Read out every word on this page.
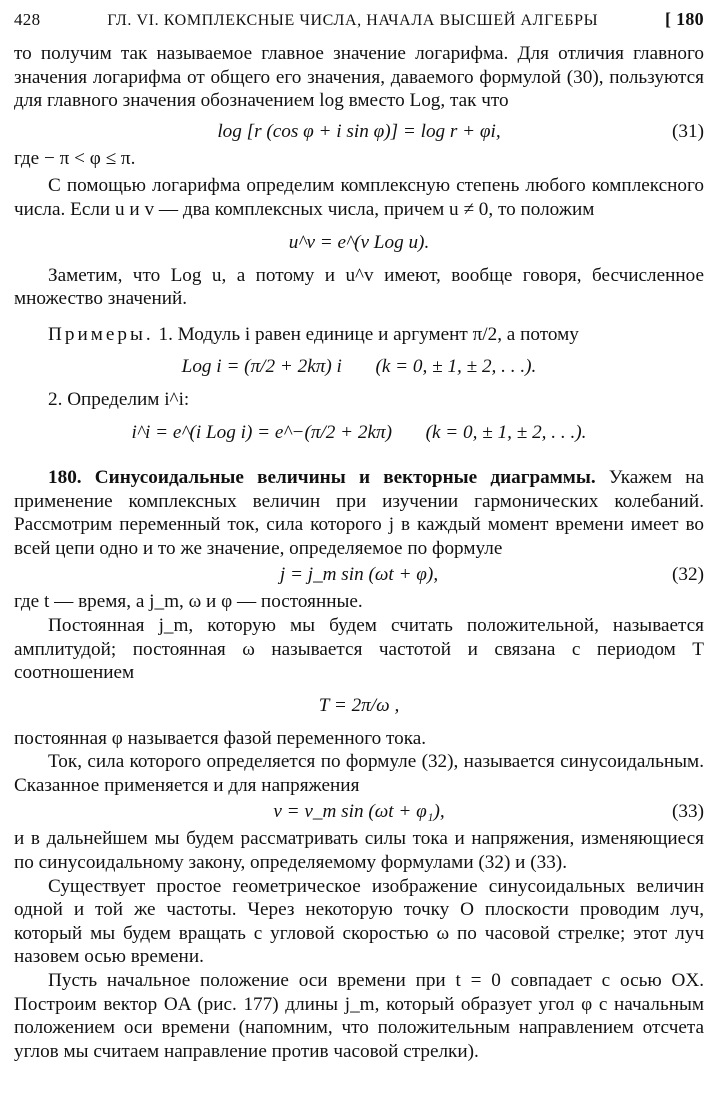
428	ГЛ. VI. КОМПЛЕКСНЫЕ ЧИСЛА, НАЧАЛА ВЫСШЕЙ АЛГЕБРЫ	[ 180

то получим так называемое главное значение логарифма. Для отличия главного значения логарифма от общего его значения, даваемого формулой (30), пользуются для главного значения обозначением log вместо Log, так что

log [r (cos φ + i sin φ)] = log r + φi,	(31)

где − π < φ ≤ π.

С помощью логарифма определим комплексную степень любого комплексного числа. Если u и v — два комплексных числа, причем u ≠ 0, то положим

u^v = e^(v Log u).

Заметим, что Log u, а потому и u^v имеют, вообще говоря, бесчисленное множество значений.

Примеры. 1. Модуль i равен единице и аргумент π/2, а потому

Log i = (π/2 + 2kπ) i (k = 0, ± 1, ± 2, . . .).

2. Определим i^i:

i^i = e^(i Log i) = e^−(π/2 + 2kπ) (k = 0, ± 1, ± 2, . . .).

180. Синусоидальные величины и векторные диаграммы. Укажем на применение комплексных величин при изучении гармонических колебаний. Рассмотрим переменный ток, сила которого j в каждый момент времени имеет во всей цепи одно и то же значение, определяемое по формуле

j = j_m sin (ωt + φ),	(32)

где t — время, а j_m, ω и φ — постоянные.

Постоянная j_m, которую мы будем считать положительной, называется амплитудой; постоянная ω называется частотой и связана с периодом T соотношением

T = 2π/ω ,

постоянная φ называется фазой переменного тока.

Ток, сила которого определяется по формуле (32), называется синусоидальным. Сказанное применяется и для напряжения

v = v_m sin (ωt + φ₁),	(33)

и в дальнейшем мы будем рассматривать силы тока и напряжения, изменяющиеся по синусоидальному закону, определяемому формулами (32) и (33).

Существует простое геометрическое изображение синусоидальных величин одной и той же частоты. Через некоторую точку O плоскости проводим луч, который мы будем вращать с угловой скоростью ω по часовой стрелке; этот луч назовем осью времени.

Пусть начальное положение оси времени при t = 0 совпадает с осью OX. Построим вектор OA (рис. 177) длины j_m, который образует угол φ с начальным положением оси времени (напомним, что положительным направлением отсчета углов мы считаем направление против часовой стрелки).
